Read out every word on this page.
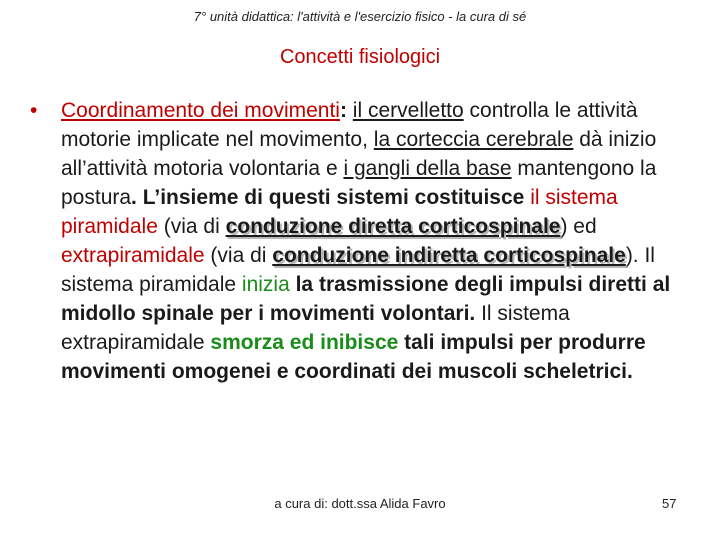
7° unità didattica: l'attività e l'esercizio fisico - la cura di sé
Concetti fisiologici
• Coordinamento dei movimenti: il cervelletto controlla le attività motorie implicate nel movimento, la corteccia cerebrale dà inizio all’attività motoria volontaria e i gangli della base mantengono la postura. L’insieme di questi sistemi costituisce il sistema piramidale (via di conduzione diretta corticospinale) ed extrapiramidale (via di conduzione indiretta corticospinale). Il sistema piramidale inizia la trasmissione degli impulsi diretti al midollo spinale per i movimenti volontari. Il sistema extrapiramidale smorza ed inibisce tali impulsi per produrre movimenti omogenei e coordinati dei muscoli scheletrici.
a cura di: dott.ssa Alida Favro	57
